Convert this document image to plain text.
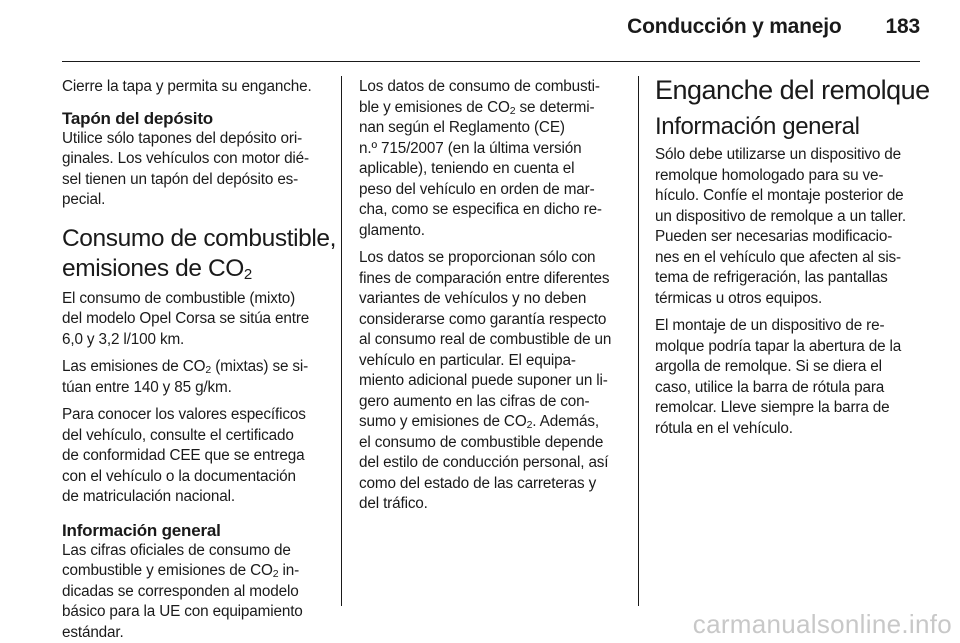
Conducción y manejo 183

Cierre la tapa y permita su enganche.

Tapón del depósito

Utilice sólo tapones del depósito ori-
ginales. Los vehículos con motor dié-
sel tienen un tapón del depósito es-
pecial.

Consumo de combustible,
emisiones de $CO_2$

El consumo de combustible (mixto)
del modelo Opel Corsa se sitúa entre
6,0 y 3,2 l/100 km.

Las emisiones de $CO_2$ (mixtas) se si-
túan entre 140 y 85 g/km.

Para conocer los valores específicos
del vehículo, consulte el certificado
de conformidad CEE que se entrega
con el vehículo o la documentación
de matriculación nacional.

Información general

Las cifras oficiales de consumo de
combustible y emisiones de $CO_2$ in-
dicadas se corresponden al modelo
básico para la UE con equipamiento
estándar.

Los datos de consumo de combusti-
ble y emisiones de $CO_2$ se determi-
nan según el Reglamento (CE)
n.º 715/2007 (en la última versión
aplicable), teniendo en cuenta el
peso del vehículo en orden de mar-
cha, como se especifica en dicho re-
glamento.

Los datos se proporcionan sólo con
fines de comparación entre diferentes
variantes de vehículos y no deben
considerarse como garantía respecto
al consumo real de combustible de un
vehículo en particular. El equipa-
miento adicional puede suponer un li-
gero aumento en las cifras de con-
sumo y emisiones de $CO_2$. Además,
el consumo de combustible depende
del estilo de conducción personal, así
como del estado de las carreteras y
del tráfico.

Enganche del remolque
Información general

Sólo debe utilizarse un dispositivo de
remolque homologado para su ve-
hículo. Confíe el montaje posterior de
un dispositivo de remolque a un taller.
Pueden ser necesarias modificacio-
nes en el vehículo que afecten al sis-
tema de refrigeración, las pantallas
térmicas u otros equipos.

El montaje de un dispositivo de re-
molque podría tapar la abertura de la
argolla de remolque. Si se diera el
caso, utilice la barra de rótula para
remolcar. Lleve siempre la barra de
rótula en el vehículo.

carmanualsonline.info
